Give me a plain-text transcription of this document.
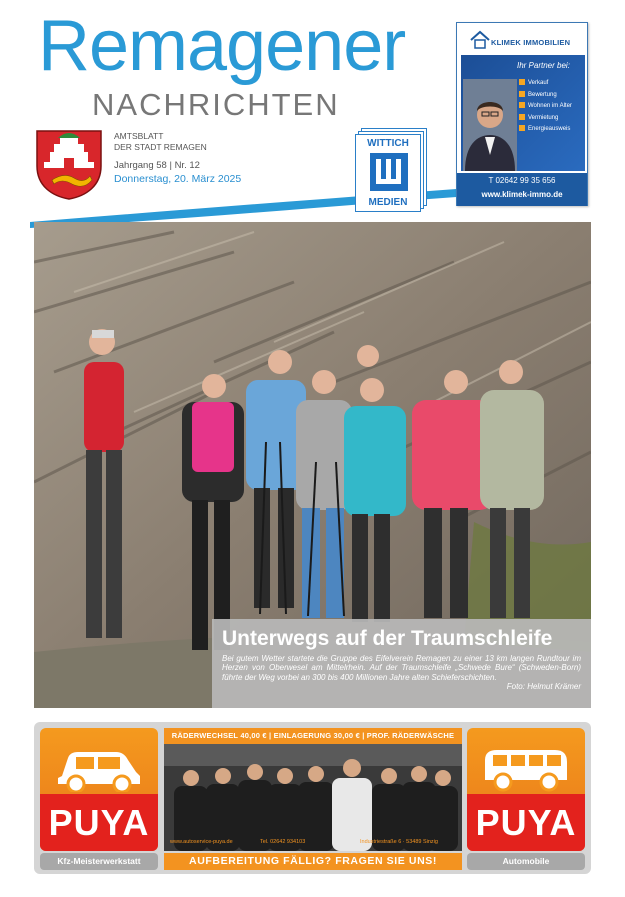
Remagener
NACHRICHTEN
AMTSBLATT
DER STADT REMAGEN
Jahrgang 58 | Nr. 12
Donnerstag, 20. März 2025
WITTICH
MEDIEN
KLIMEK IMMOBILIEN
Ihr Partner bei:
Verkauf
Bewertung
Wohnen im Alter
Vermietung
Energieausweis
T 02642 99 35 656
www.klimek-immo.de
Unterwegs auf der Traumschleife
Bei gutem Wetter startete die Gruppe des Eifelverein Remagen zu einer 13 km langen Rundtour im Herzen von Oberwesel am Mittelrhein. Auf der Traumschleife „Schwede Bure“ (Schweden-Born) führte der Weg vorbei an 300 bis 400 Millionen Jahre alten Schieferschichten.
Foto: Helmut Krämer
PUYA
RÄDERWECHSEL 40,00 € | EINLAGERUNG 30,00 € | PROF. RÄDERWÄSCHE
www.autoservice-puya.de	Tel. 02642 934103	Industriestraße 6 · 53489 Sinzig PUYA
Kfz-Meisterwerkstatt	AUFBEREITUNG FÄLLIG? FRAGEN SIE UNS!	Automobile
